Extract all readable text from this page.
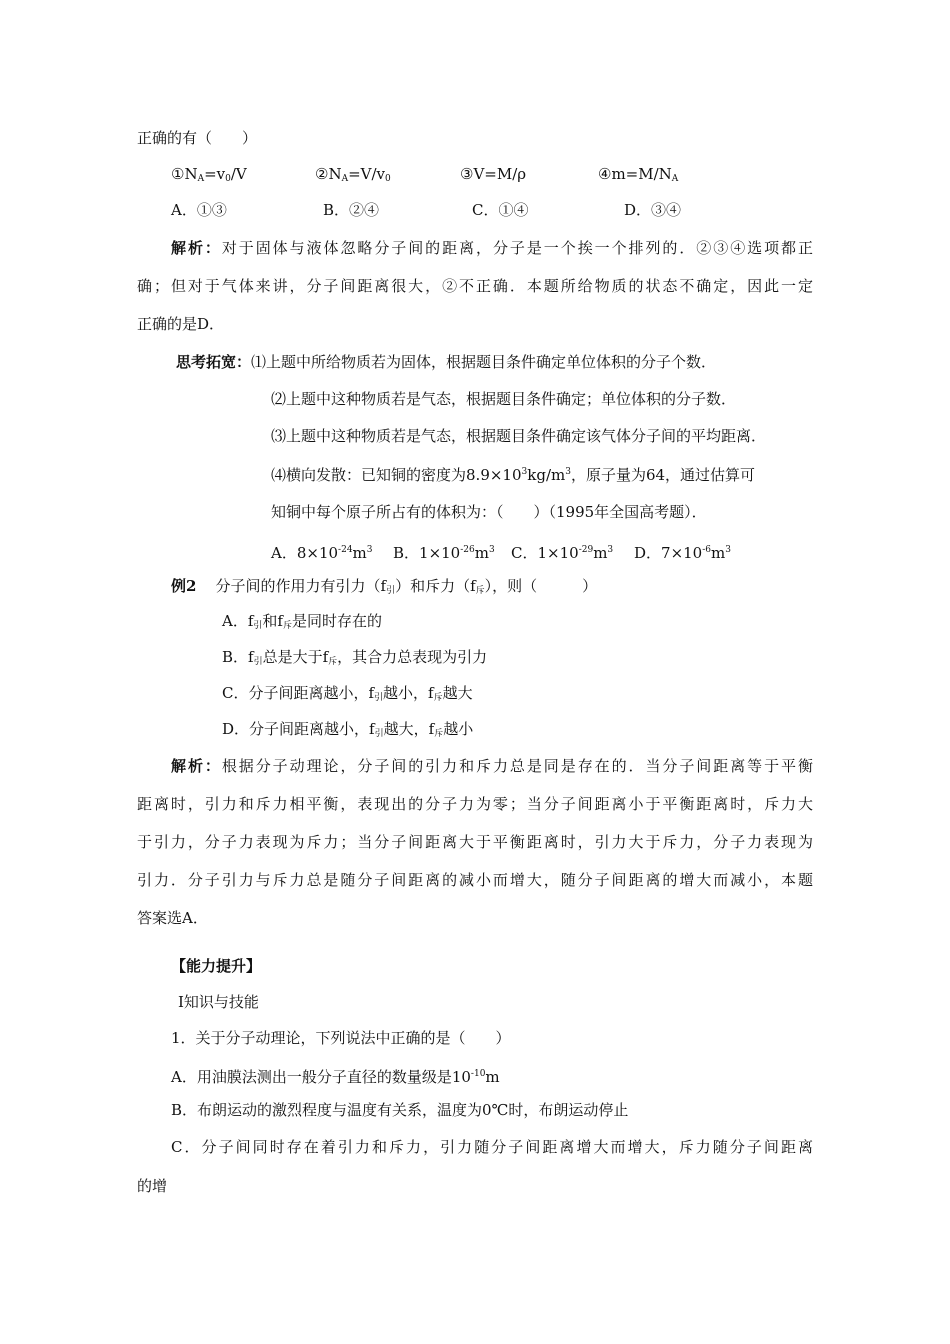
正确的有（　　）
$①N_A=v_0/V$	$②N_A=V/v_0$	③V=M/ρ	$④m=M/N_A$
A．①③	B．②④	C．①④	D．③④
解析：对于固体与液体忽略分子间的距离，分子是一个挨一个排列的．②③④选项都正
确；但对于气体来讲，分子间距离很大，②不正确．本题所给物质的状态不确定，因此一定
正确的是D．
思考拓宽：⑴上题中所给物质若为固体，根据题目条件确定单位体积的分子个数．
⑵上题中这种物质若是气态，根据题目条件确定；单位体积的分子数．
⑶上题中这种物质若是气态，根据题目条件确定该气体分子间的平均距离．
⑷横向发散：已知铜的密度为$8.9\times 10^3kg/m^3$，原子量为64，通过估算可
知铜中每个原子所占有的体积为：（　　）（1995年全国高考题）．
A．$8\times 10^{-24}m^3$ B．$1\times 10^{-26}m^3$ C．$1\times 10^{-29}m^3$ D．$7\times 10^{-6}m^3$
例2 分子间的作用力有引力$(f_引)$和斥力$(f_斥)$，则（　　　）
A．$f_引$和$f_斥$是同时存在的
B．$f_引$总是大于$f_斥$，其合力总表现为引力
C．分子间距离越小，$f_引$越小，$f_斥$越大
D．分子间距离越小，$f_引$越大，$f_斥$越小
解析：根据分子动理论，分子间的引力和斥力总是同是存在的．当分子间距离等于平衡
距离时，引力和斥力相平衡，表现出的分子力为零；当分子间距离小于平衡距离时，斥力大
于引力，分子力表现为斥力；当分子间距离大于平衡距离时，引力大于斥力，分子力表现为
引力．分子引力与斥力总是随分子间距离的减小而增大，随分子间距离的增大而减小，本题
答案选A．
【能力提升】
Ⅰ知识与技能
1．关于分子动理论，下列说法中正确的是（　　）
A．用油膜法测出一般分子直径的数量级是$10^{-10}m$
B．布朗运动的激烈程度与温度有关系，温度为0℃时，布朗运动停止
C．分子间同时存在着引力和斥力，引力随分子间距离增大而增大，斥力随分子间距离
的增
